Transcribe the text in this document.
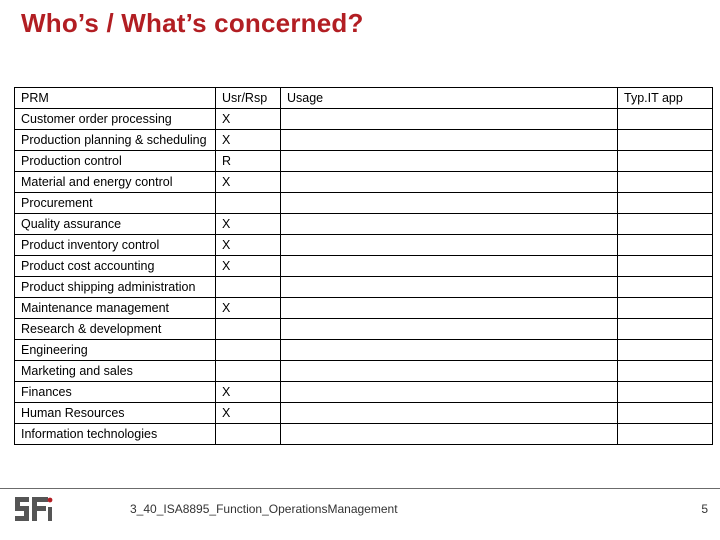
Who’s / What’s concerned?
PRM	Usr/Rsp	Usage	Typ.IT app
Customer order processing	X		
Production planning & scheduling	X		
Production control	R		
Material and energy control	X		
Procurement			
Quality assurance	X		
Product inventory control	X		
Product cost accounting	X		
Product shipping administration			
Maintenance management	X		
Research & development			
Engineering			
Marketing and sales			
Finances	X		
Human Resources	X		
Information technologies			
3_40_ISA8895_Function_OperationsManagement	5
